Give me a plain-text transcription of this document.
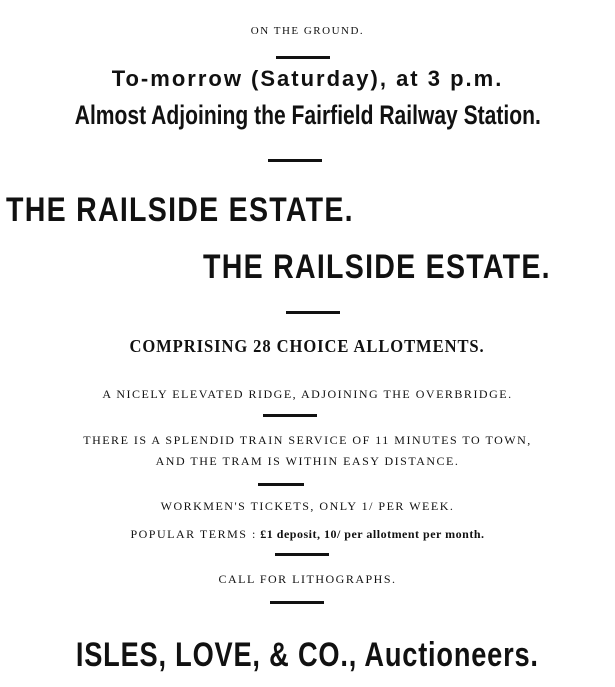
ON THE GROUND.
To-morrow (Saturday), at 3 p.m.
Almost Adjoining the Fairfield Railway Station.
THE RAILSIDE ESTATE.
THE RAILSIDE ESTATE.
COMPRISING 28 CHOICE ALLOTMENTS.
A NICELY ELEVATED RIDGE, ADJOINING THE OVERBRIDGE.
THERE IS A SPLENDID TRAIN SERVICE OF 11 MINUTES TO TOWN,
AND THE TRAM IS WITHIN EASY DISTANCE.
WORKMEN'S TICKETS, ONLY 1/ PER WEEK.
POPULAR TERMS : £1 deposit, 10/ per allotment per month.
CALL FOR LITHOGRAPHS.
ISLES, LOVE, & CO., Auctioneers.
